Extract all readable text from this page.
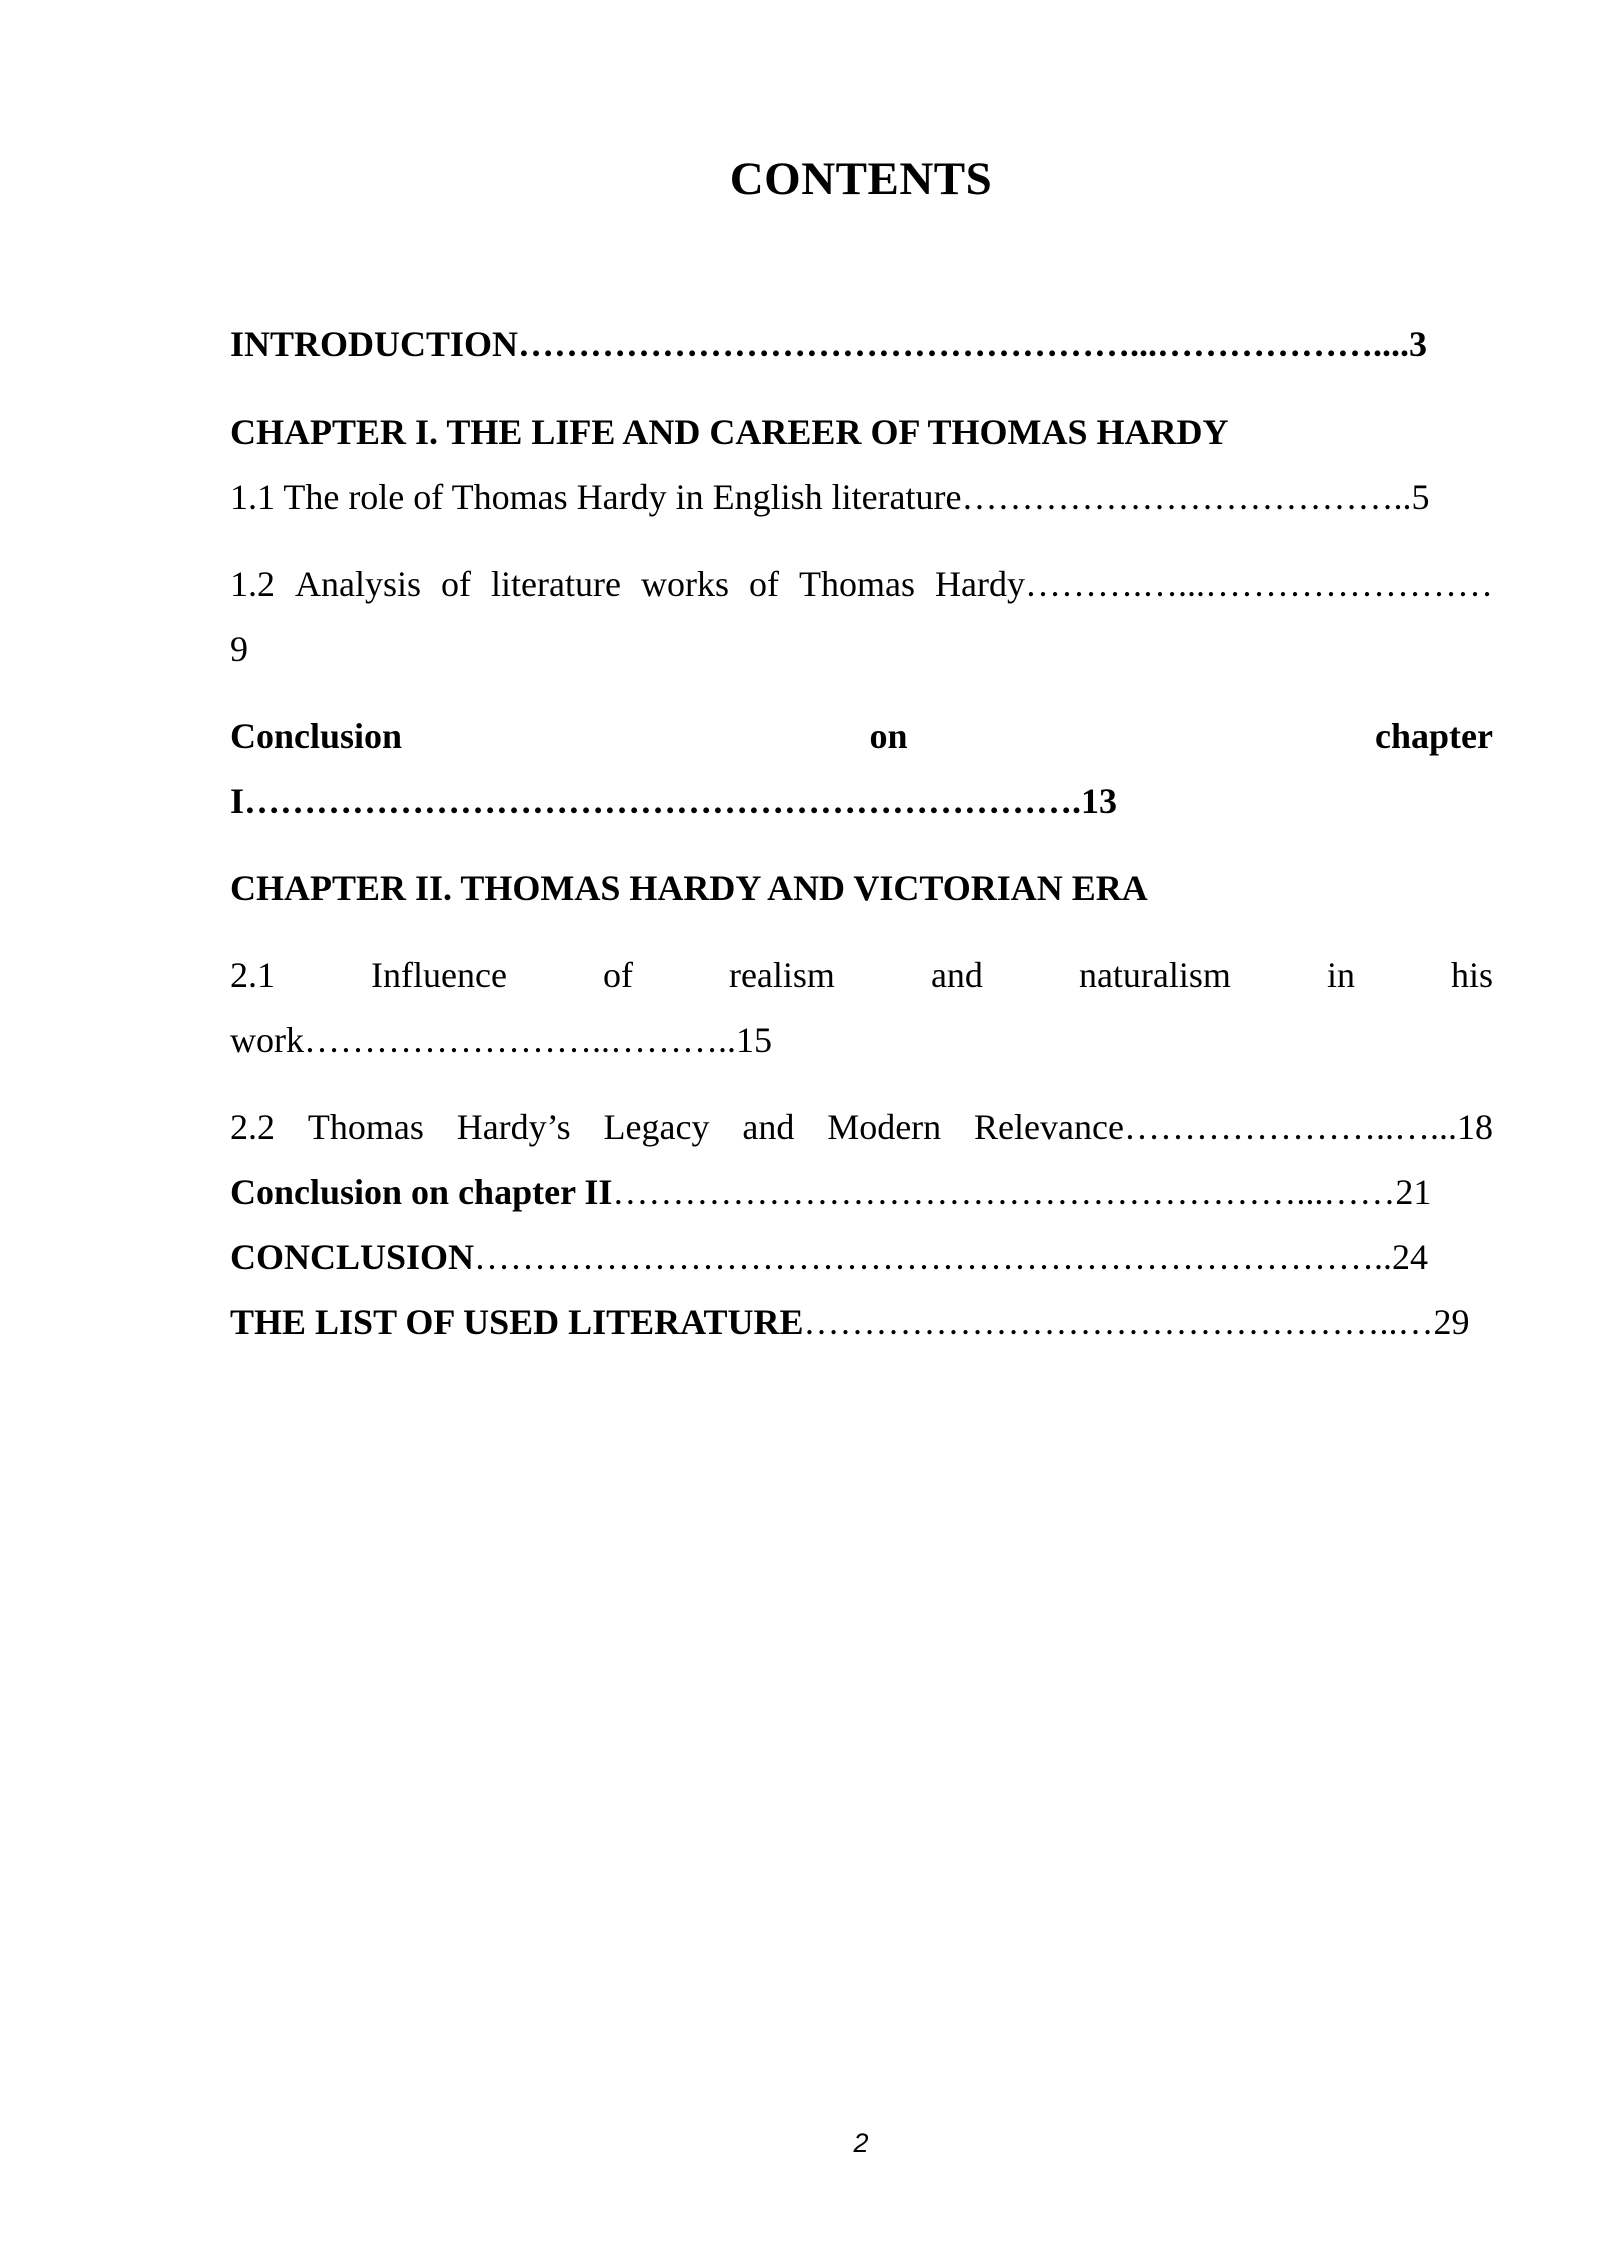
CONTENTS
INTRODUCTION……………………………………………...………………....3
CHAPTER I. THE LIFE AND CAREER OF THOMAS HARDY
1.1 The role of Thomas Hardy in English literature………………………………..5
1.2 Analysis of literature works of Thomas Hardy……….…...……………………
9
Conclusion	on	chapter
I…………………………………………………………….13
CHAPTER II. THOMAS HARDY AND VICTORIAN ERA
2.1	Influence	of	realism	and	naturalism	in	his
work……………………..………..15
2.2 Thomas Hardy’s Legacy and Modern Relevance…………………..…...18
Conclusion on chapter II…………………………………………………...……21
CONCLUSION…………………………………………………………………..24
THE LIST OF USED LITERATURE…………………………………………..…29
2
